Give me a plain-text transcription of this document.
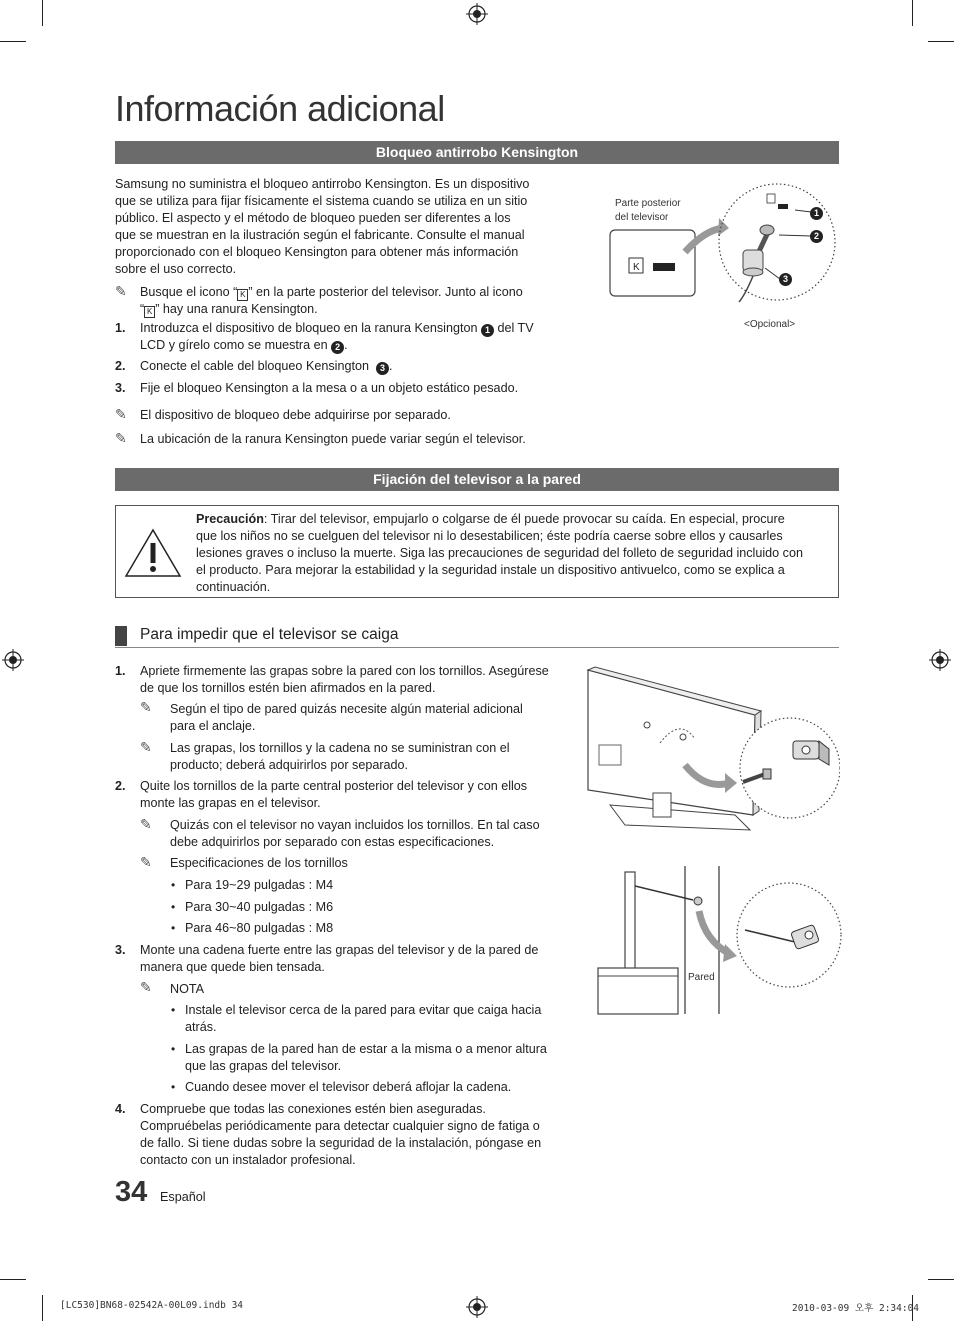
Información adicional
Bloqueo antirrobo Kensington
Samsung no suministra el bloqueo antirrobo Kensington. Es un dispositivo
que se utiliza para fijar físicamente el sistema cuando se utiliza en un sitio
público. El aspecto y el método de bloqueo pueden ser diferentes a los
que se muestran en la ilustración según el fabricante. Consulte el manual
proporcionado con el bloqueo Kensington para obtener más información
sobre el uso correcto.
✎ Busque el icono “ K ” en la parte posterior del televisor. Junto al icono
“ K ” hay una ranura Kensington.
1. Introduzca el dispositivo de bloqueo en la ranura Kensington 1 del TV
LCD y gírelo como se muestra en 2 .
2. Conecte el cable del bloqueo Kensington 3 .
3. Fije el bloqueo Kensington a la mesa o a un objeto estático pesado.
✎ El dispositivo de bloqueo debe adquirirse por separado.
✎ La ubicación de la ranura Kensington puede variar según el televisor.
Parte posterior
del televisor
K
1
2
3
<Opcional>
Fijación del televisor a la pared
Precaución: Tirar del televisor, empujarlo o colgarse de él puede provocar su caída. En especial, procure
que los niños no se cuelguen del televisor ni lo desestabilicen; éste podría caerse sobre ellos y causarles
lesiones graves o incluso la muerte. Siga las precauciones de seguridad del folleto de seguridad incluido con
el producto. Para mejorar la estabilidad y la seguridad instale un dispositivo antivuelco, como se explica a
continuación.
Para impedir que el televisor se caiga
1. Apriete firmemente las grapas sobre la pared con los tornillos. Asegúrese
de que los tornillos estén bien afirmados en la pared.
✎ Según el tipo de pared quizás necesite algún material adicional
para el anclaje.
✎ Las grapas, los tornillos y la cadena no se suministran con el
producto; deberá adquirirlos por separado.
2. Quite los tornillos de la parte central posterior del televisor y con ellos
monte las grapas en el televisor.
✎ Quizás con el televisor no vayan incluidos los tornillos. En tal caso
debe adquirirlos por separado con estas especificaciones.
✎ Especificaciones de los tornillos
• Para 19~29 pulgadas : M4
• Para 30~40 pulgadas : M6
• Para 46~80 pulgadas : M8
3. Monte una cadena fuerte entre las grapas del televisor y de la pared de
manera que quede bien tensada.
✎ NOTA
• Instale el televisor cerca de la pared para evitar que caiga hacia
atrás.
• Las grapas de la pared han de estar a la misma o a menor altura
que las grapas del televisor.
• Cuando desee mover el televisor deberá aflojar la cadena.
4. Compruebe que todas las conexiones estén bien aseguradas.
Compruébelas periódicamente para detectar cualquier signo de fatiga o
de fallo. Si tiene dudas sobre la seguridad de la instalación, póngase en
contacto con un instalador profesional.
Pared
34 Español
[LC530]BN68-02542A-00L09.indb 34	2010-03-09 오후 2:34:04
